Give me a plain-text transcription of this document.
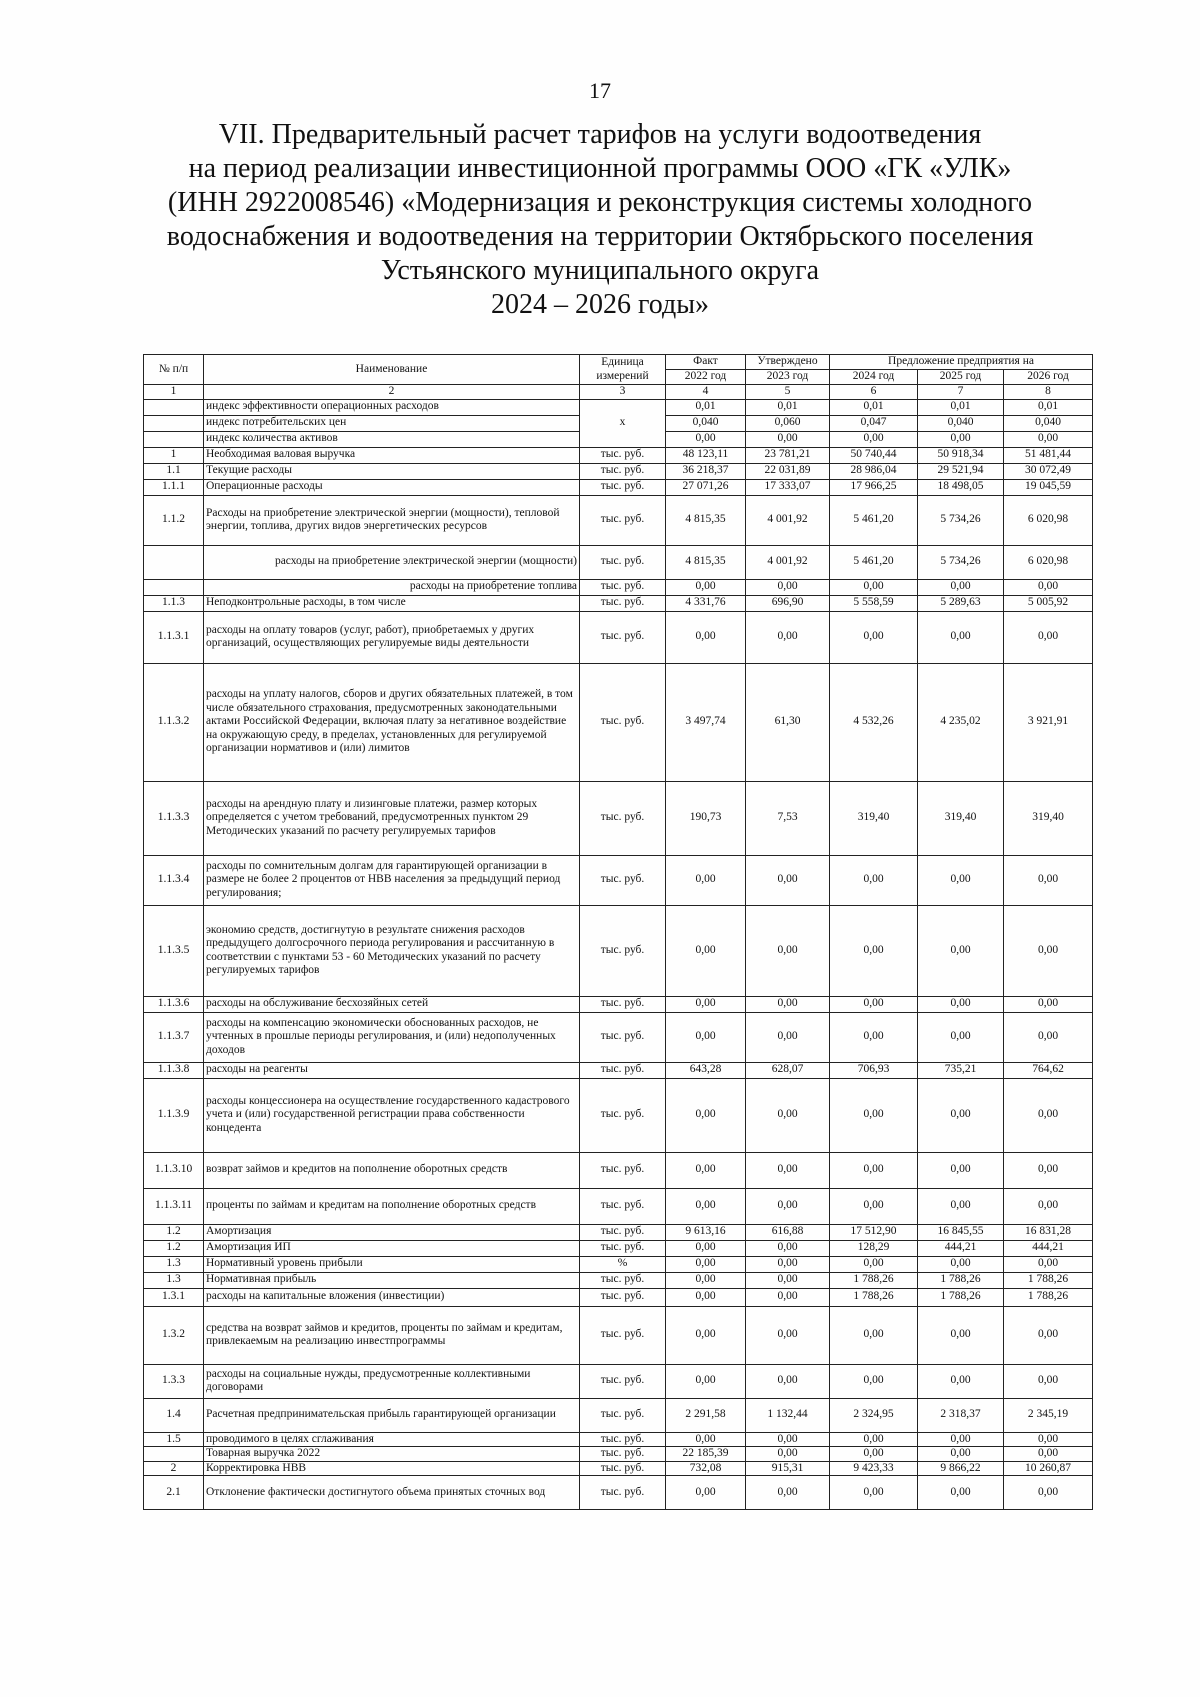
17
VII. Предварительный расчет тарифов на услуги водоотведения
на период реализации инвестиционной программы ООО «ГК «УЛК»
(ИНН 2922008546) «Модернизация и реконструкция системы холодного
водоснабжения и водоотведения на территории Октябрьского поселения
Устьянского муниципального округа
2024 – 2026 годы»
№ п/п	Наименование	Единица измерений	Факт	Утверждено	Предложение предприятия на		
			2022 год	2023 год	2024 год	2025 год	2026 год
1	2	3	4	5	6	7	8
	индекс эффективности операционных расходов	х	0,01	0,01	0,01	0,01	0,01
	индекс потребительских цен		0,040	0,060	0,047	0,040	0,040
	индекс количества активов		0,00	0,00	0,00	0,00	0,00
1	Необходимая валовая выручка	тыс. руб.	48 123,11	23 781,21	50 740,44	50 918,34	51 481,44
1.1	Текущие расходы	тыс. руб.	36 218,37	22 031,89	28 986,04	29 521,94	30 072,49
1.1.1	Операционные расходы	тыс. руб.	27 071,26	17 333,07	17 966,25	18 498,05	19 045,59
1.1.2	Расходы на приобретение электрической энергии (мощности), тепловой энергии, топлива, других видов энергетических ресурсов	тыс. руб.	4 815,35	4 001,92	5 461,20	5 734,26	6 020,98
	расходы на приобретение электрической энергии (мощности)	тыс. руб.	4 815,35	4 001,92	5 461,20	5 734,26	6 020,98
	расходы на приобретение топлива	тыс. руб.	0,00	0,00	0,00	0,00	0,00
1.1.3	Неподконтрольные расходы, в том числе	тыс. руб.	4 331,76	696,90	5 558,59	5 289,63	5 005,92
1.1.3.1	расходы на оплату товаров (услуг, работ), приобретаемых у других организаций, осуществляющих регулируемые виды деятельности	тыс. руб.	0,00	0,00	0,00	0,00	0,00
1.1.3.2	расходы на уплату налогов, сборов и других обязательных платежей, в том числе обязательного страхования, предусмотренных законодательными актами Российской Федерации, включая плату за негативное воздействие на окружающую среду, в пределах, установленных для регулируемой организации нормативов и (или) лимитов	тыс. руб.	3 497,74	61,30	4 532,26	4 235,02	3 921,91
1.1.3.3	расходы на арендную плату и лизинговые платежи, размер которых определяется с учетом требований, предусмотренных пунктом 29 Методических указаний по расчету регулируемых тарифов	тыс. руб.	190,73	7,53	319,40	319,40	319,40
1.1.3.4	расходы по сомнительным долгам для гарантирующей организации в размере не более 2 процентов от НВВ населения за предыдущий период регулирования;	тыс. руб.	0,00	0,00	0,00	0,00	0,00
1.1.3.5	экономию средств, достигнутую в результате снижения расходов предыдущего долгосрочного периода регулирования и рассчитанную в соответствии с пунктами 53 - 60 Методических указаний по расчету регулируемых тарифов	тыс. руб.	0,00	0,00	0,00	0,00	0,00
1.1.3.6	расходы на обслуживание бесхозяйных сетей	тыс. руб.	0,00	0,00	0,00	0,00	0,00
1.1.3.7	расходы на компенсацию экономически обоснованных расходов, не учтенных в прошлые периоды регулирования, и (или) недополученных доходов	тыс. руб.	0,00	0,00	0,00	0,00	0,00
1.1.3.8	расходы на реагенты	тыс. руб.	643,28	628,07	706,93	735,21	764,62
1.1.3.9	расходы концессионера на осуществление государственного кадастрового учета и (или) государственной регистрации права собственности концедента	тыс. руб.	0,00	0,00	0,00	0,00	0,00
1.1.3.10	возврат займов и кредитов на пополнение оборотных средств	тыс. руб.	0,00	0,00	0,00	0,00	0,00
1.1.3.11	проценты по займам и кредитам на пополнение оборотных средств	тыс. руб.	0,00	0,00	0,00	0,00	0,00
1.2	Амортизация	тыс. руб.	9 613,16	616,88	17 512,90	16 845,55	16 831,28
1.2	Амортизация ИП	тыс. руб.	0,00	0,00	128,29	444,21	444,21
1.3	Нормативный уровень прибыли	%	0,00	0,00	0,00	0,00	0,00
1.3	Нормативная прибыль	тыс. руб.	0,00	0,00	1 788,26	1 788,26	1 788,26
1.3.1	расходы на капитальные вложения (инвестиции)	тыс. руб.	0,00	0,00	1 788,26	1 788,26	1 788,26
1.3.2	средства на возврат займов и кредитов, проценты по займам и кредитам, привлекаемым на реализацию инвестпрограммы	тыс. руб.	0,00	0,00	0,00	0,00	0,00
1.3.3	расходы на социальные нужды, предусмотренные коллективными договорами	тыс. руб.	0,00	0,00	0,00	0,00	0,00
1.4	Расчетная предпринимательская прибыль гарантирующей организации	тыс. руб.	2 291,58	1 132,44	2 324,95	2 318,37	2 345,19
1.5	проводимого в целях сглаживания	тыс. руб.	0,00	0,00	0,00	0,00	0,00
	Товарная выручка 2022	тыс. руб.	22 185,39	0,00	0,00	0,00	0,00
2	Корректировка НВВ	тыс. руб.	732,08	915,31	9 423,33	9 866,22	10 260,87
2.1	Отклонение фактически достигнутого объема принятых сточных вод	тыс. руб.	0,00	0,00	0,00	0,00	0,00
